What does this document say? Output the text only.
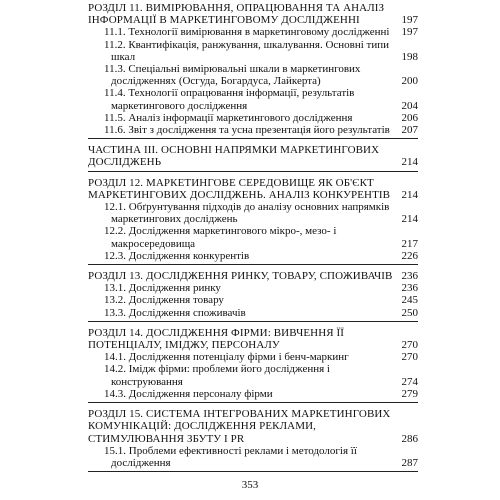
РОЗДІЛ 11. ВИМІРЮВАННЯ, ОПРАЦЮВАННЯ ТА АНАЛІЗ ІНФОРМАЦІЇ В МАРКЕТИНГОВОМУ ДОСЛІДЖЕННІ	197
11.1. Технології вимірювання в маркетинговому дослідженні	197
11.2. Квантифікація, ранжування, шкалування. Основні типи шкал	198
11.3. Спеціальні вимірювальні шкали в маркетингових дослідженнях (Осгуда, Богардуса, Лайкерта)	200
11.4. Технології опрацювання інформації, результатів маркетингового дослідження	204
11.5. Аналіз інформації маркетингового дослідження	206
11.6. Звіт з дослідження та усна презентація його результатів	207
ЧАСТИНА ІІІ. ОСНОВНІ НАПРЯМКИ МАРКЕТИНГОВИХ ДОСЛІДЖЕНЬ	214
РОЗДІЛ 12. МАРКЕТИНГОВЕ СЕРЕДОВИЩЕ ЯК ОБ'ЄКТ МАРКЕТИНГОВИХ ДОСЛІДЖЕНЬ. АНАЛІЗ КОНКУРЕНТІВ	214
12.1. Обґрунтування підходів до аналізу основних напрямків маркетингових досліджень	214
12.2. Дослідження маркетингового мікро-, мезо- і макросередовища	217
12.3. Дослідження конкурентів	226
РОЗДІЛ 13. ДОСЛІДЖЕННЯ РИНКУ, ТОВАРУ, СПОЖИВАЧІВ 236
13.1. Дослідження ринку	236
13.2. Дослідження товару	245
13.3. Дослідження споживачів	250
РОЗДІЛ 14. ДОСЛІДЖЕННЯ ФІРМИ: ВИВЧЕННЯ ЇЇ ПОТЕНЦІАЛУ, ІМІДЖУ, ПЕРСОНАЛУ	270
14.1. Дослідження потенціалу фірми і бенч-маркинг	270
14.2. Імідж фірми: проблеми його дослідження і конструювання	274
14.3. Дослідження персоналу фірми	279
РОЗДІЛ 15. СИСТЕМА ІНТЕГРОВАНИХ МАРКЕТИНГОВИХ КОМУНІКАЦІЙ: ДОСЛІДЖЕННЯ РЕКЛАМИ, СТИМУЛЮВАННЯ ЗБУТУ І PR	286
15.1. Проблеми ефективності реклами і методологія її дослідження	287
353
